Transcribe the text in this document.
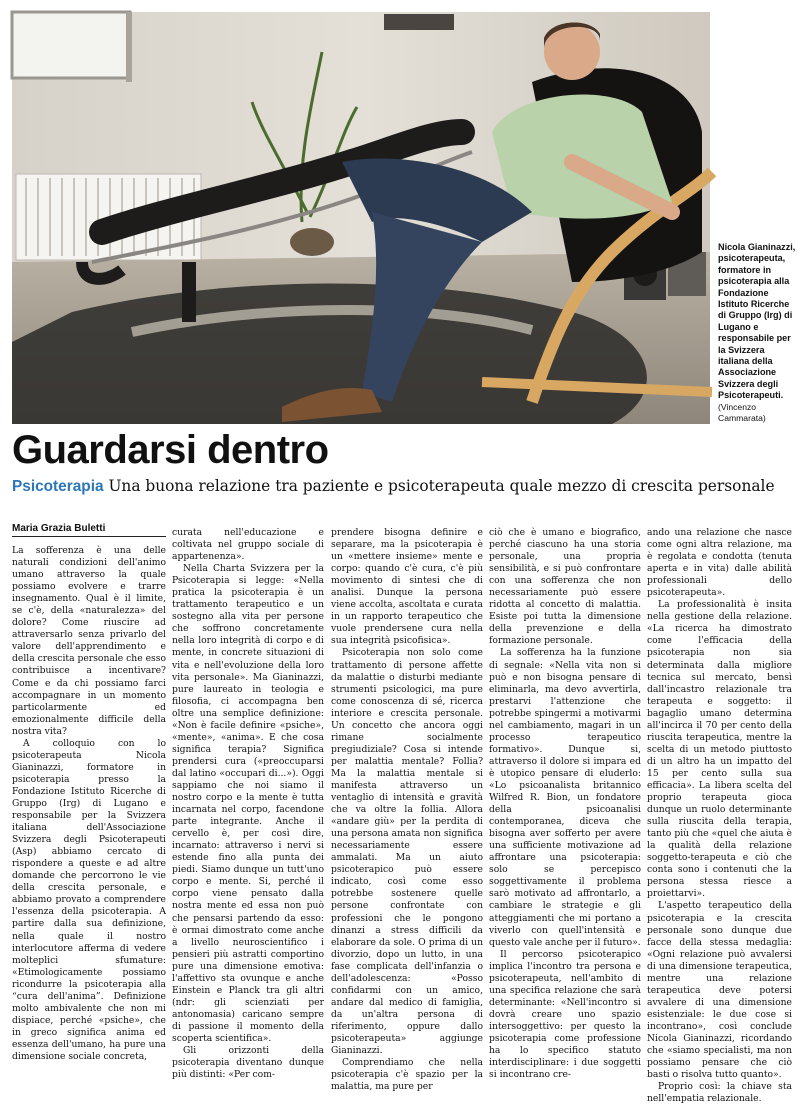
Nicola Gianinazzi, psicoterapeuta, formatore in psicoterapia alla Fondazione Istituto Ricerche di Gruppo (Irg) di Lugano e responsabile per la Svizzera italiana della Associazione Svizzera degli Psicoterapeuti.
(Vincenzo Cammarata)
Guardarsi dentro
Psicoterapia Una buona relazione tra paziente e psicoterapeuta quale mezzo di crescita personale
Maria Grazia Buletti

La sofferenza è una delle naturali condizioni dell'animo umano attraverso la quale possiamo evolvere e trarre insegnamento. Qual è il limite, se c'è, della «naturalezza» del dolore? Come riuscire ad attraversarlo senza privarlo del valore dell'apprendimento e della crescita personale che esso contribuisce a incentivare? Come e da chi possiamo farci accompagnare in un momento particolarmente ed emozionalmente difficile della nostra vita?

A colloquio con lo psicoterapeuta Nicola Gianinazzi, formatore in psicoterapia presso la Fondazione Istituto Ricerche di Gruppo (Irg) di Lugano e responsabile per la Svizzera italiana dell'Associazione Svizzera degli Psicoterapeuti (Asp) abbiamo cercato di rispondere a queste e ad altre domande che percorrono le vie della crescita personale, e abbiamo provato a comprendere l'essenza della psicoterapia. A partire dalla sua definizione, nella quale il nostro interlocutore afferma di vedere molteplici sfumature: «Etimologicamente possiamo ricondurre la psicoterapia alla “cura dell'anima”. Definizione molto ambivalente che non mi dispiace, perché «psiche», che in greco significa anima ed essenza dell'umano, ha pure una dimensione sociale concreta,

curata nell'educazione e coltivata nel gruppo sociale di appartenenza».

Nella Charta Svizzera per la Psicoterapia si legge: «Nella pratica la psicoterapia è un trattamento terapeutico e un sostegno alla vita per persone che soffrono concretamente nella loro integrità di corpo e di mente, in concrete situazioni di vita e nell'evoluzione della loro vita personale». Ma Gianinazzi, pure laureato in teologia e filosofia, ci accompagna ben oltre una semplice definizione: «Non è facile definire «psiche», «mente», «anima». E che cosa significa terapia? Significa prendersi cura («preoccuparsi dal latino «occupari di...»). Oggi sappiamo che noi siamo il nostro corpo e la mente è tutta incarnata nel corpo, facendone parte integrante. Anche il cervello è, per così dire, incarnato: attraverso i nervi si estende fino alla punta dei piedi. Siamo dunque un tutt'uno corpo e mente. Si, perché il corpo viene pensato dalla nostra mente ed essa non può che pensarsi partendo da esso: è ormai dimostrato come anche a livello neuroscientifico i pensieri più astratti comportino pure una dimensione emotiva: l'affettivo sta ovunque e anche Einstein e Planck tra gli altri (ndr: gli scienziati per antonomasia) caricano sempre di passione il momento della scoperta scientifica».

Gli orizzonti della psicoterapia diventano dunque più distinti: «Per com-

prendere bisogna definire e separare, ma la psicoterapia è un «mettere insieme» mente e corpo: quando c'è cura, c'è più movimento di sintesi che di analisi. Dunque la persona viene accolta, ascoltata e curata in un rapporto terapeutico che vuole prendersene cura nella sua integrità psicofisica».

Psicoterapia non solo come trattamento di persone affette da malattie o disturbi mediante strumenti psicologici, ma pure come conoscenza di sé, ricerca interiore e crescita personale. Un concetto che ancora oggi rimane socialmente pregiudiziale? Cosa si intende per malattia mentale? Follia? Ma la malattia mentale si manifesta attraverso un ventaglio di intensità e gravità che va oltre la follia. Allora «andare giù» per la perdita di una persona amata non significa necessariamente essere ammalati. Ma un aiuto psicoterapico può essere indicato, così come esso potrebbe sostenere quelle persone confrontate con professioni che le pongono dinanzi a stress difficili da elaborare da sole. O prima di un divorzio, dopo un lutto, in una fase complicata dell'infanzia o dell'adolescenza: «Posso confidarmi con un amico, andare dal medico di famiglia, da un'altra persona di riferimento, oppure dallo psicoterapeuta» aggiunge Gianinazzi.

Comprendiamo che nella psicoterapia c'è spazio per la malattia, ma pure per

ciò che è umano e biografico, perché ciascuno ha una storia personale, una propria sensibilità, e si può confrontare con una sofferenza che non necessariamente può essere ridotta al concetto di malattia. Esiste poi tutta la dimensione della prevenzione e della formazione personale.

La sofferenza ha la funzione di segnale: «Nella vita non si può e non bisogna pensare di eliminarla, ma devo avvertirla, prestarvi l'attenzione che potrebbe spingermi a motivarmi nel cambiamento, magari in un processo terapeutico formativo». Dunque si, attraverso il dolore si impara ed è utopico pensare di eluderlo: «Lo psicoanalista britannico Wilfred R. Bion, un fondatore della psicoanalisi contemporanea, diceva che bisogna aver sofferto per avere una sufficiente motivazione ad affrontare una psicoterapia: solo se percepisco soggettivamente il problema sarò motivato ad affrontarlo, a cambiare le strategie e gli atteggiamenti che mi portano a viverlo con quell'intensità e questo vale anche per il futuro».

Il percorso psicoterapico implica l'incontro tra persona e psicoterapeuta, nell'ambito di una specifica relazione che sarà determinante: «Nell'incontro si dovrà creare uno spazio intersoggettivo: per questo la psicoterapia come professione ha lo specifico statuto interdisciplinare: i due soggetti si incontrano cre-

ando una relazione che nasce come ogni altra relazione, ma è regolata e condotta (tenuta aperta e in vita) dalle abilità professionali dello psicoterapeuta».

La professionalità è insita nella gestione della relazione. «La ricerca ha dimostrato come l'efficacia della psicoterapia non sia determinata dalla migliore tecnica sul mercato, bensì dall'incastro relazionale tra terapeuta e soggetto: il bagaglio umano determina all'incirca il 70 per cento della riuscita terapeutica, mentre la scelta di un metodo piuttosto di un altro ha un impatto del 15 per cento sulla sua efficacia». La libera scelta del proprio terapeuta gioca dunque un ruolo determinante sulla riuscita della terapia, tanto più che «quel che aiuta è la qualità della relazione soggetto-terapeuta e ciò che conta sono i contenuti che la persona stessa riesce a proiettarvi».

L'aspetto terapeutico della psicoterapia e la crescita personale sono dunque due facce della stessa medaglia: «Ogni relazione può avvalersi di una dimensione terapeutica, mentre una relazione terapeutica deve potersi avvalere di una dimensione esistenziale: le due cose si incontrano», così conclude Nicola Gianinazzi, ricordando che «siamo specialisti, ma non possiamo pensare che ciò basti o risolva tutto quanto».

Proprio così: la chiave sta nell'empatia relazionale.
